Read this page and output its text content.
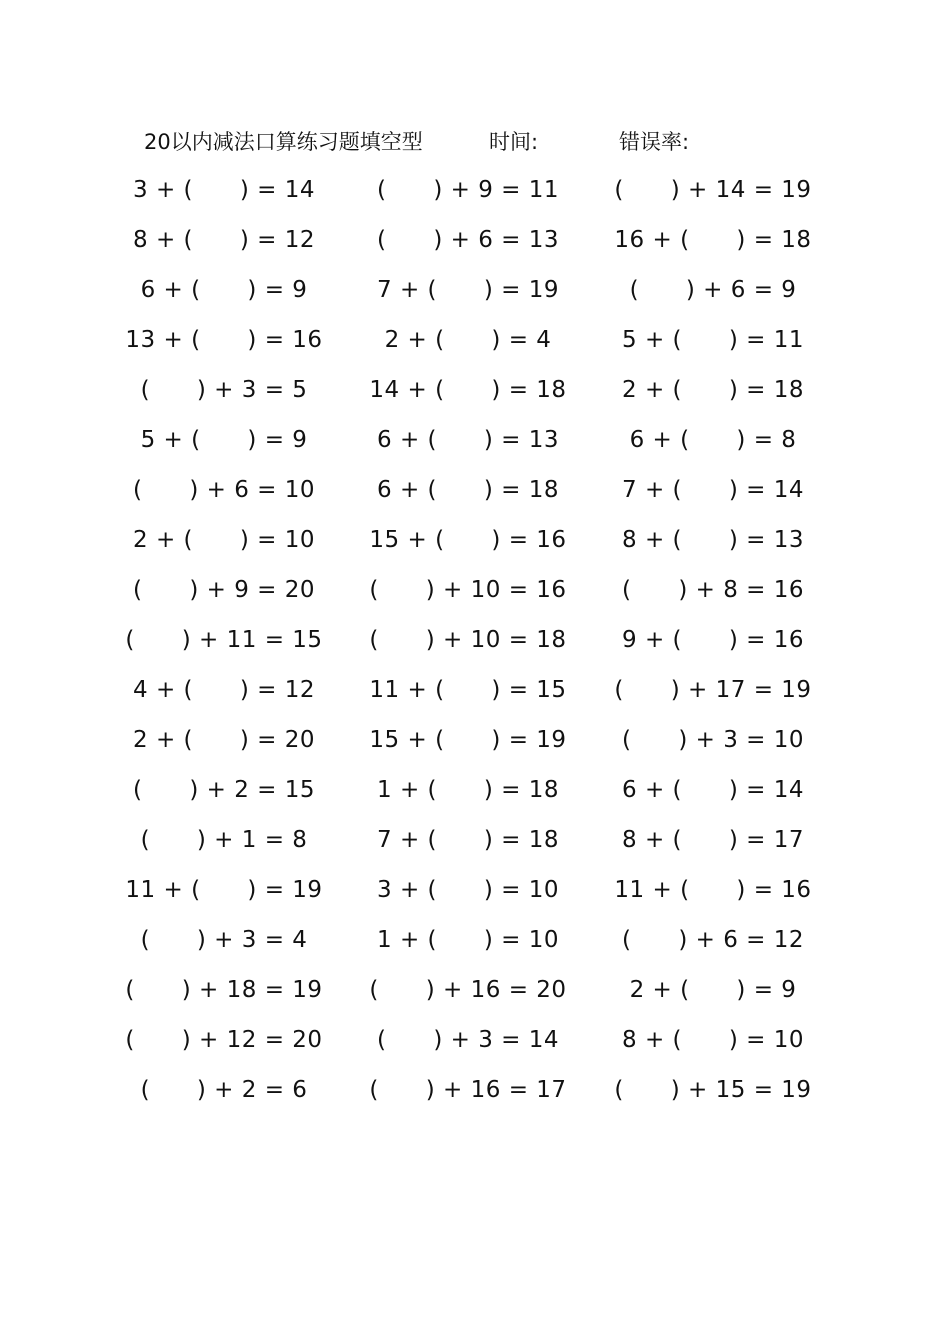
20以内减法口算练习题填空型	时间:	错误率:
3 + (      ) = 14	(      ) + 9 = 11	(      ) + 14 = 19
8 + (      ) = 12	(      ) + 6 = 13	16 + (      ) = 18
6 + (      ) = 9	7 + (      ) = 19	(      ) + 6 = 9
13 + (      ) = 16	2 + (      ) = 4	5 + (      ) = 11
(      ) + 3 = 5	14 + (      ) = 18	2 + (      ) = 18
5 + (      ) = 9	6 + (      ) = 13	6 + (      ) = 8
(      ) + 6 = 10	6 + (      ) = 18	7 + (      ) = 14
2 + (      ) = 10	15 + (      ) = 16	8 + (      ) = 13
(      ) + 9 = 20	(      ) + 10 = 16	(      ) + 8 = 16
(      ) + 11 = 15	(      ) + 10 = 18	9 + (      ) = 16
4 + (      ) = 12	11 + (      ) = 15	(      ) + 17 = 19
2 + (      ) = 20	15 + (      ) = 19	(      ) + 3 = 10
(      ) + 2 = 15	1 + (      ) = 18	6 + (      ) = 14
(      ) + 1 = 8	7 + (      ) = 18	8 + (      ) = 17
11 + (      ) = 19	3 + (      ) = 10	11 + (      ) = 16
(      ) + 3 = 4	1 + (      ) = 10	(      ) + 6 = 12
(      ) + 18 = 19	(      ) + 16 = 20	2 + (      ) = 9
(      ) + 12 = 20	(      ) + 3 = 14	8 + (      ) = 10
(      ) + 2 = 6	(      ) + 16 = 17	(      ) + 15 = 19
